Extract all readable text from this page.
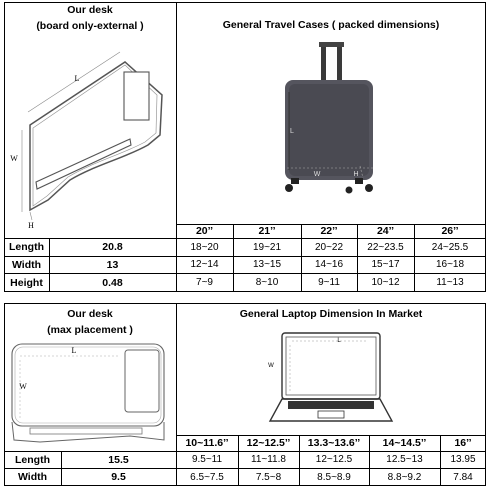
Our desk
(board only-external )	General Travel Cases ( packed dimensions)
L
W
H
L
W	H
20’’	21’’	22’’	24’’	26’’
Length	20.8	18~20	19~21	20~22	22~23.5	24~25.5
Width	13	12~14	13~15	14~16	15~17	16~18
Height	0.48	7~9	8~10	9~11	10~12	11~13
Our desk
(max placement )
General Laptop Dimension In Market
L
W
L
W
10~11.6’’	12~12.5’’	13.3~13.6’’	14~14.5’’	16’’
Length	15.5	9.5~11	11~11.8	12~12.5	12.5~13	13.95
Width	9.5	6.5~7.5	7.5~8	8.5~8.9	8.8~9.2	7.84
